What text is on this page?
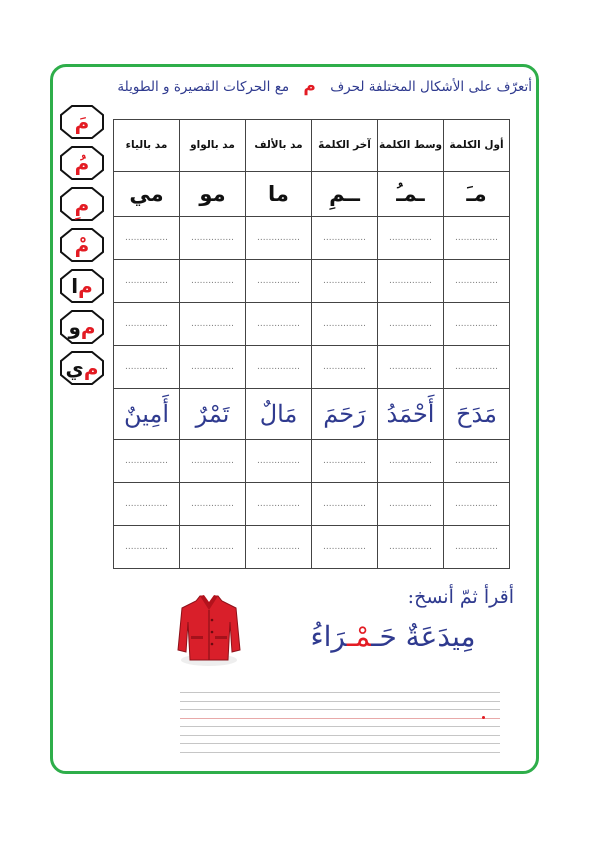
أتعرّف على الأشكال المختلفة لحرف م مع الحركات القصيرة و الطويلة
مَ
مُ
مِ
مْ
م
ا
م
و
م
ي
مد بالياء	مد بالواو	مد بالألف	آخر الكلمةَ	وسط الكلمة	أول الكلمة
مي	مو	ما	ــمِ	ـمـُ	مـَ
...............	...............	...............	...............	...............	...............
...............	...............	...............	...............	...............	...............
...............	...............	...............	...............	...............	...............
...............	...............	...............	...............	...............	...............
أَمِينٌ	تَمْرٌ	مَالٌ	رَحَمَ	أَحْمَدُ	مَدَحَ
...............	...............	...............	...............	...............	...............
...............	...............	...............	...............	...............	...............
...............	...............	...............	...............	...............	...............
أقرأ ثمّ أنسخ:
مِيدَعَةٌ حَـمْـرَاءُ
